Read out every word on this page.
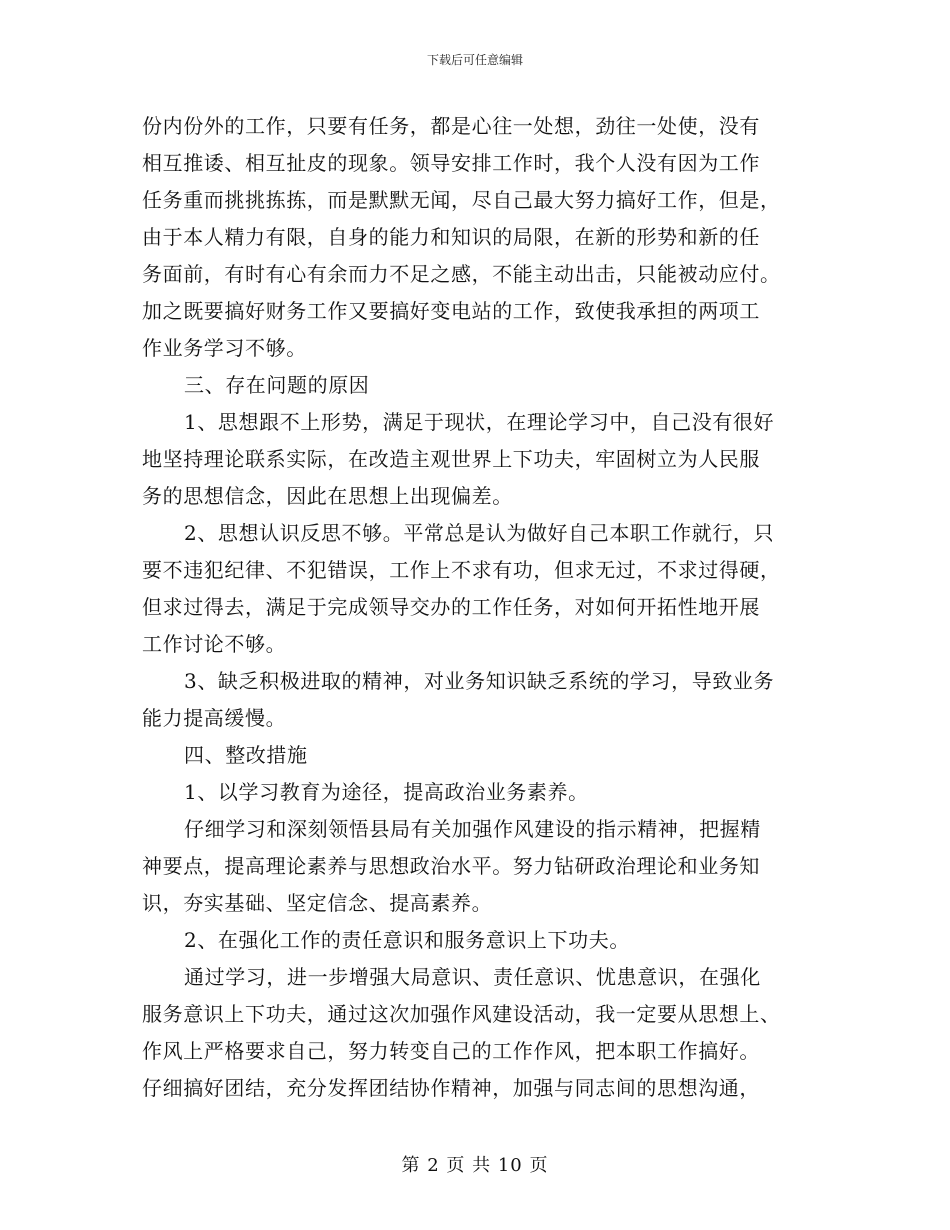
下载后可任意编辑
份内份外的工作，只要有任务，都是心往一处想，劲往一处使，没有
相互推诿、相互扯皮的现象。领导安排工作时，我个人没有因为工作
任务重而挑挑拣拣，而是默默无闻，尽自己最大努力搞好工作，但是，
由于本人精力有限，自身的能力和知识的局限，在新的形势和新的任
务面前，有时有心有余而力不足之感，不能主动出击，只能被动应付。
加之既要搞好财务工作又要搞好变电站的工作，致使我承担的两项工
作业务学习不够。
三、存在问题的原因
1、思想跟不上形势，满足于现状，在理论学习中，自己没有很好
地坚持理论联系实际，在改造主观世界上下功夫，牢固树立为人民服
务的思想信念，因此在思想上出现偏差。
2、思想认识反思不够。平常总是认为做好自己本职工作就行，只
要不违犯纪律、不犯错误，工作上不求有功，但求无过，不求过得硬，
但求过得去，满足于完成领导交办的工作任务，对如何开拓性地开展
工作讨论不够。
3、缺乏积极进取的精神，对业务知识缺乏系统的学习，导致业务
能力提高缓慢。
四、整改措施
1、以学习教育为途径，提高政治业务素养。
仔细学习和深刻领悟县局有关加强作风建设的指示精神，把握精
神要点，提高理论素养与思想政治水平。努力钻研政治理论和业务知
识，夯实基础、坚定信念、提高素养。
2、在强化工作的责任意识和服务意识上下功夫。
通过学习，进一步增强大局意识、责任意识、忧患意识，在强化
服务意识上下功夫，通过这次加强作风建设活动，我一定要从思想上、
作风上严格要求自己，努力转变自己的工作作风，把本职工作搞好。
仔细搞好团结，充分发挥团结协作精神，加强与同志间的思想沟通，
第 2 页 共 10 页
